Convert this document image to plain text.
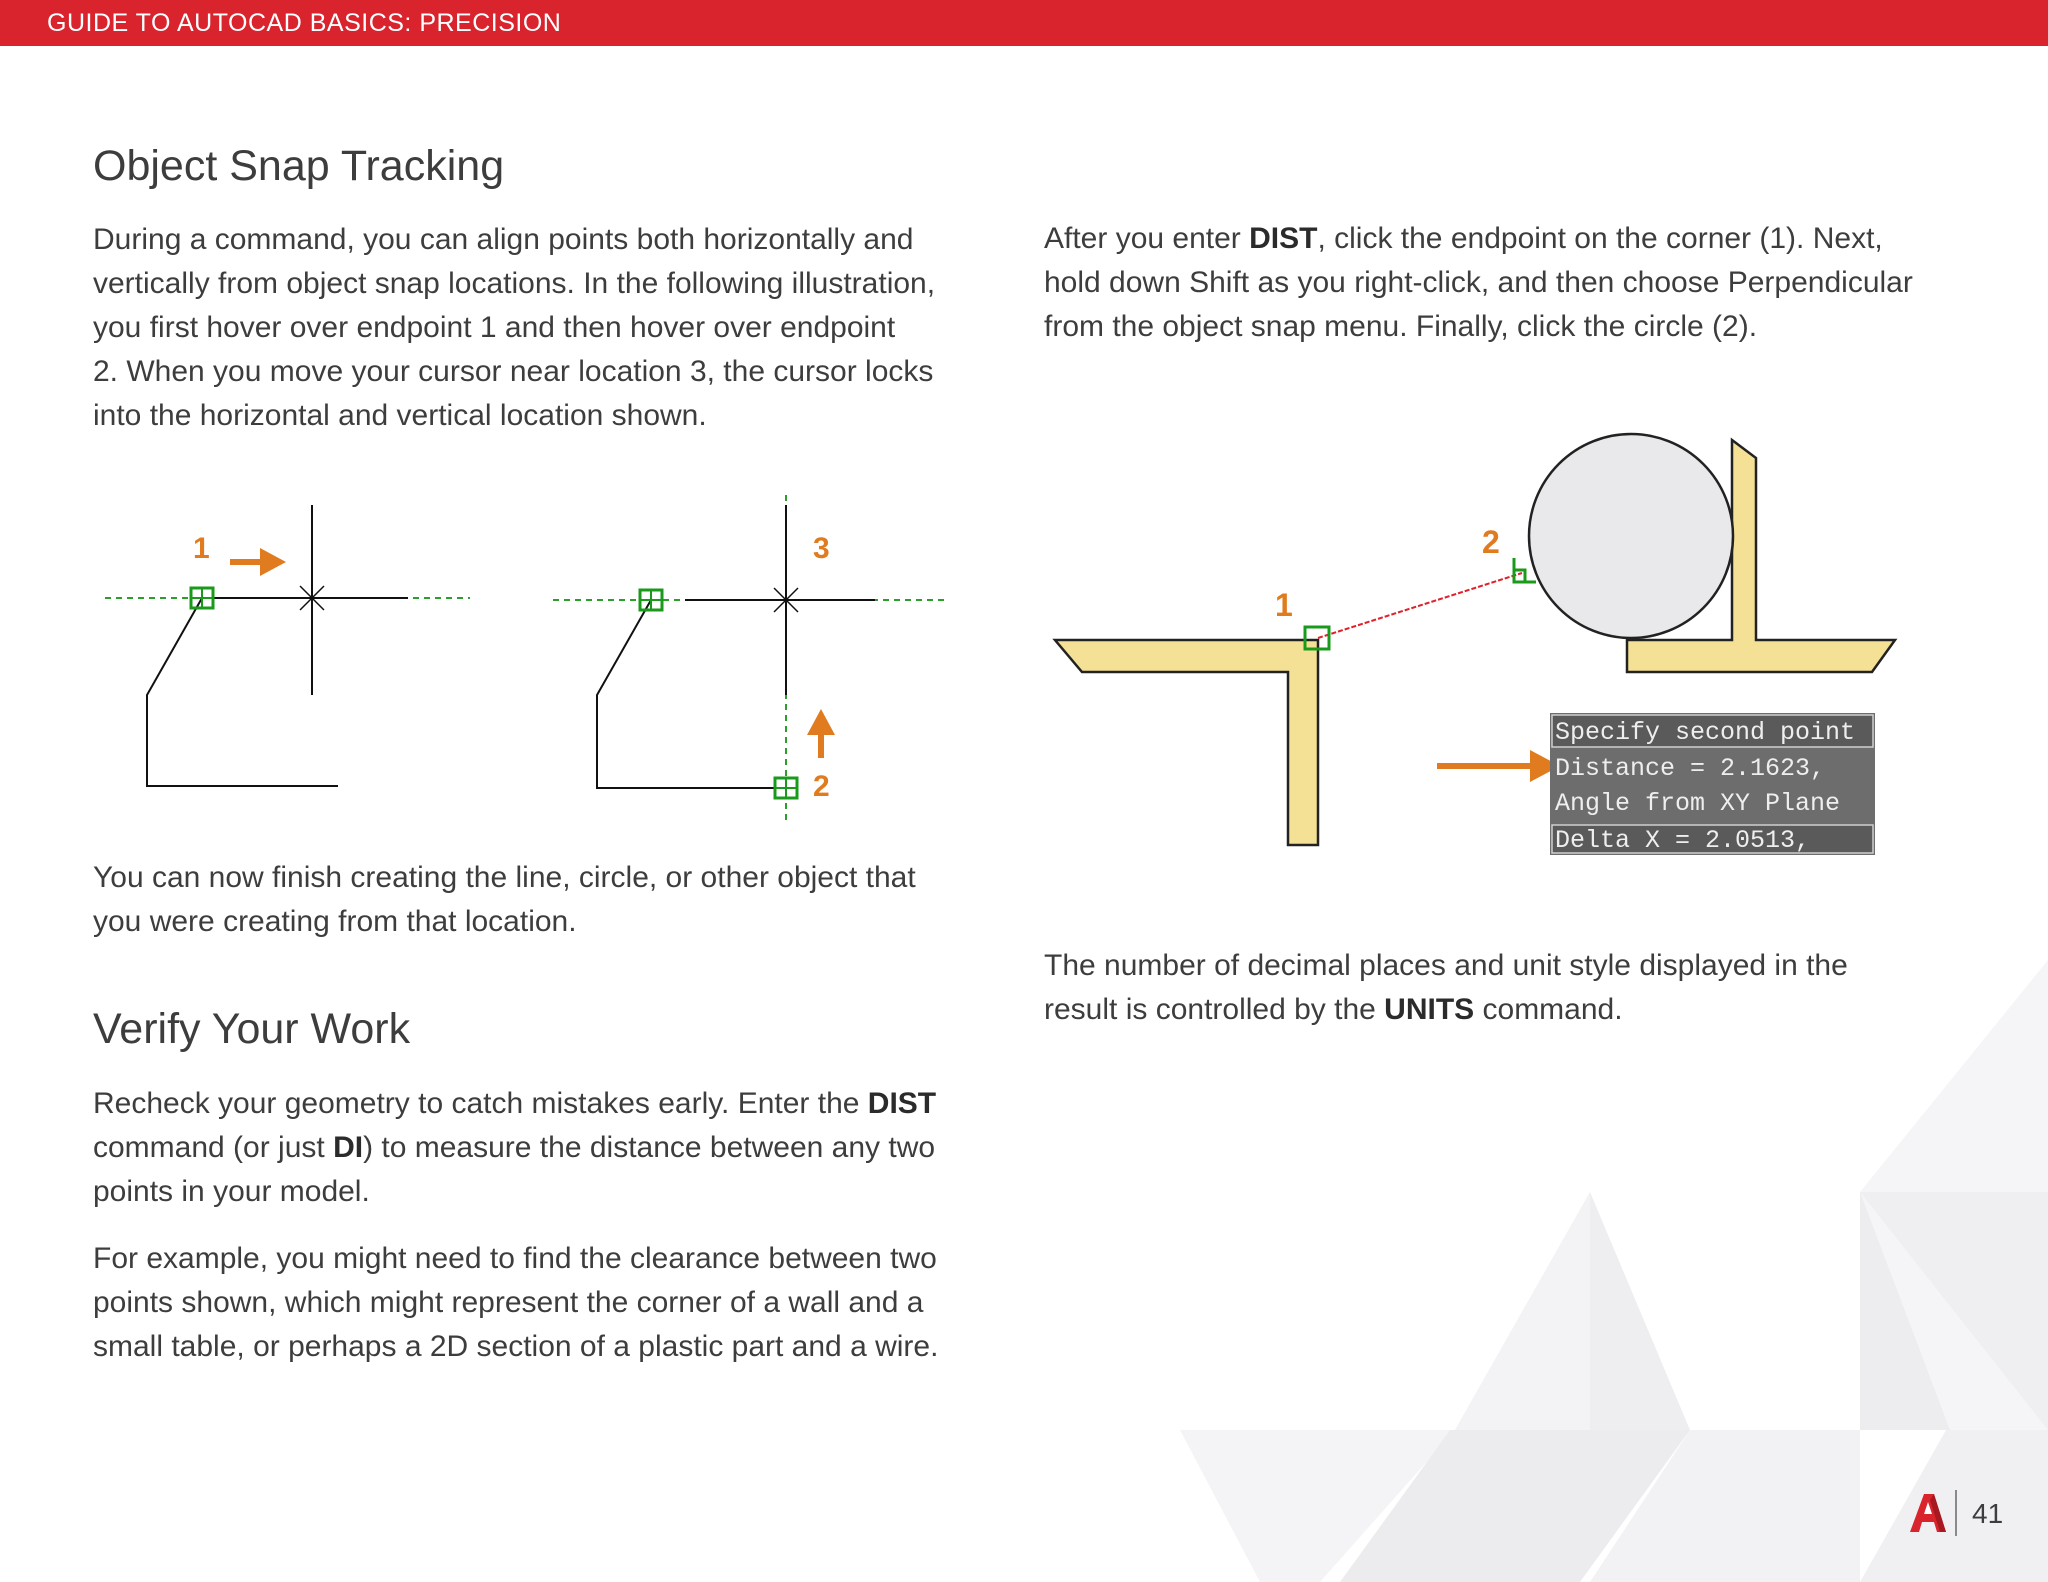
GUIDE TO AUTOCAD BASICS: PRECISION
Object Snap Tracking

During a command, you can align points both horizontally and
vertically from object snap locations. In the following illustration,
you first hover over endpoint 1 and then hover over endpoint
2. When you move your cursor near location 3, the cursor locks
into the horizontal and vertical location shown.

1	3
2

You can now finish creating the line, circle, or other object that
you were creating from that location.

Verify Your Work

Recheck your geometry to catch mistakes early. Enter the DIST
command (or just DI) to measure the distance between any two
points in your model.

For example, you might need to find the clearance between two
points shown, which might represent the corner of a wall and a
small table, or perhaps a 2D section of a plastic part and a wire.

After you enter DIST, click the endpoint on the corner (1). Next,
hold down Shift as you right-click, and then choose Perpendicular
from the object snap menu. Finally, click the circle (2).

1
2
Specify second point
Distance = 2.1623,
Angle from XY Plane
Delta X = 2.0513,

The number of decimal places and unit style displayed in the
result is controlled by the UNITS command.

41
